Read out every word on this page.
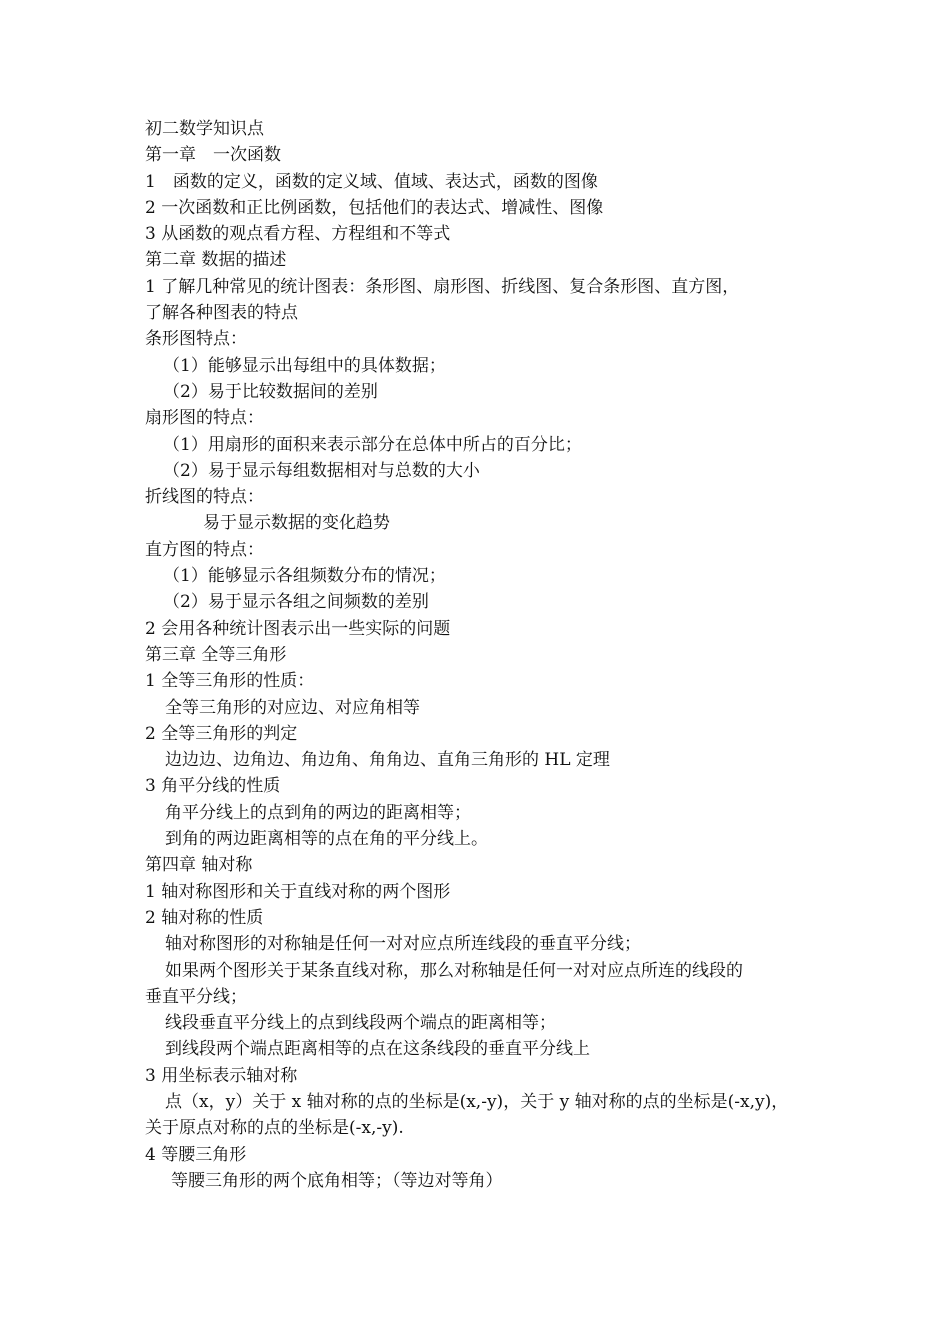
初二数学知识点

第一章　一次函数

1　函数的定义，函数的定义域、值域、表达式，函数的图像

2 一次函数和正比例函数，包括他们的表达式、增减性、图像

3 从函数的观点看方程、方程组和不等式

第二章 数据的描述

1 了解几种常见的统计图表：条形图、扇形图、折线图、复合条形图、直方图，

了解各种图表的特点

条形图特点：

（1）能够显示出每组中的具体数据；

（2）易于比较数据间的差别

扇形图的特点：

（1）用扇形的面积来表示部分在总体中所占的百分比；

（2）易于显示每组数据相对与总数的大小

折线图的特点：

易于显示数据的变化趋势

直方图的特点：

（1）能够显示各组频数分布的情况；

（2）易于显示各组之间频数的差别

2 会用各种统计图表示出一些实际的问题

第三章 全等三角形

1 全等三角形的性质：

全等三角形的对应边、对应角相等

2 全等三角形的判定

边边边、边角边、角边角、角角边、直角三角形的 HL 定理

3 角平分线的性质

角平分线上的点到角的两边的距离相等；

到角的两边距离相等的点在角的平分线上。

第四章 轴对称

1 轴对称图形和关于直线对称的两个图形

2 轴对称的性质

轴对称图形的对称轴是任何一对对应点所连线段的垂直平分线；

如果两个图形关于某条直线对称，那么对称轴是任何一对对应点所连的线段的

垂直平分线；

线段垂直平分线上的点到线段两个端点的距离相等；

到线段两个端点距离相等的点在这条线段的垂直平分线上

3 用坐标表示轴对称

点（x，y）关于 x 轴对称的点的坐标是(x,-y)，关于 y 轴对称的点的坐标是(-x,y)，

关于原点对称的点的坐标是(-x,-y).

4 等腰三角形

等腰三角形的两个底角相等；（等边对等角）
